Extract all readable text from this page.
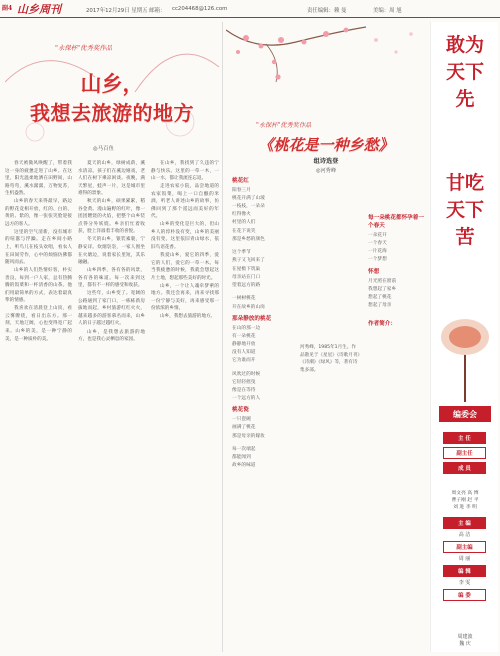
副4 山乡周刊	2017年12月29日 星期五 邮箱： cc204468@126.com	责任编辑：赖 曼	美编：周 旭
"永保杯"优秀奖作品
山乡，
我想去旅游的地方
◎马百鱼

春天被微风唤醒了，带着我这一身的疲惫走进了山乡。在这里，阳光温柔地洒在田野间，山路弯弯，溪水潺潺，万物复苏，生机盎然。

山乡的春天来得最早，路边的野花竞相开放，红的、白的、黄的、紫的，像一张张笑脸迎接远方的客人。

这里的空气清新，没有城市的喧嚣与浮躁。走在乡间小路上，听鸟儿在枝头欢唱，看农人在田间劳作，心中的烦恼仿佛都随风而去。

山乡的人们热情好客，朴实善良。每到一户人家，总有热腾腾的饭菜和一杯清香的山茶。他们用最简单的方式，表达着最真挚的情感。

我喜欢在清晨登上山顶，看云雾缭绕，看日出东方。那一刻，天地辽阔，心也变得宽广起来。山乡的美，是一种宁静的美，是一种质朴的美。

夏天的山乡，绿树成荫，溪水清凉。孩子们在溪边嬉戏，老人们在树下乘凉闲谈。夜晚，满天繁星，蛙声一片，这是城市里难得的景象。

秋天的山乡，硕果累累，稻谷金黄。漫山遍野的红叶，像一团团燃烧的火焰，把整个山乡装点得分外妖娆。乡亲们忙着收获，脸上洋溢着丰收的喜悦。

冬天的山乡，银装素裹，宁静安详。炊烟袅袅，一家人围坐在火塘边，说着家长里短，其乐融融。

山乡四季，各有各的风景，各有各的味道。每一次来到这里，都有不一样的感受和收获。

这些年，山乡变了。宽阔的公路通到了家门口，一栋栋新房拔地而起，乡村旅游红红火火，越来越多的游客慕名而来，山乡人的日子越过越红火。

山乡，是我想去旅游的地方，也是我心灵栖息的家园。

在山乡，我找到了久违的宁静与快乐。这里的一草一木，一山一水，都让我流连忘返。

走进农家小院，品尝地道的农家饭菜，喝上一口自酿的米酒，听老人讲述山乡的故事，仿佛回到了那个遥远而美好的年代。

山乡的变化是巨大的，但山乡人的淳朴没有变，山乡的美丽没有变。这里依旧青山绿水，依旧鸟语花香。

我爱山乡，爱它的四季，爱它的人们，爱它的一草一木。每当我疲惫的时候，我就会想起这片土地，想起那些美好的时光。

山乡，一个让人魂牵梦萦的地方。我还会再来，再来寻找那一份宁静与美好，再来感受那一份浓浓的乡情。

山乡，我想去旅游的地方。

"永保杯"优秀奖作品
《桃花是一种乡愁》
组诗选登
◎河秀峰
桃花红
阳春三月
桃花开满了山坡
一枝枝，一朵朵
红得像火
村里的人们
在花下说笑
那是乡愁的颜色
这个季节
燕子又飞回来了
在屋檐下筑巢
母亲站在门口
望着远方的路
一树树桃花
开在故乡的山岗
那朵静放的桃花
在山的那一边
有一朵桃花
静静地开放
没有人知道
它为谁而开
风吹过的时候
它轻轻摇曳
像是在等待
一个远方的人
桃花瓷
一只瓷碗
画满了桃花
那是母亲的嫁妆
每一次端起
都能闻到
故乡的味道
河秀峰，1985年1月生。作品散见于《星星》《诗歌月刊》《诗潮》《绿风》等，著有诗集多部。
每一朵桃花都怀孕着一个春天
一朵花开
一个春天
一片花海
一个梦想
怀想
月光照在窗前
我想起了家乡
想起了桃花
想起了母亲
作者简介：
敢为天下先
甘吃天下苦
编委会
主 任
副主任
成 员
周文亮 高 博
曹子刚 赵 平
刘 进 李 明
主 编
高 洁
副主编
周 丽
编 辑
李 雯
编 委
周建波
魏 庆
